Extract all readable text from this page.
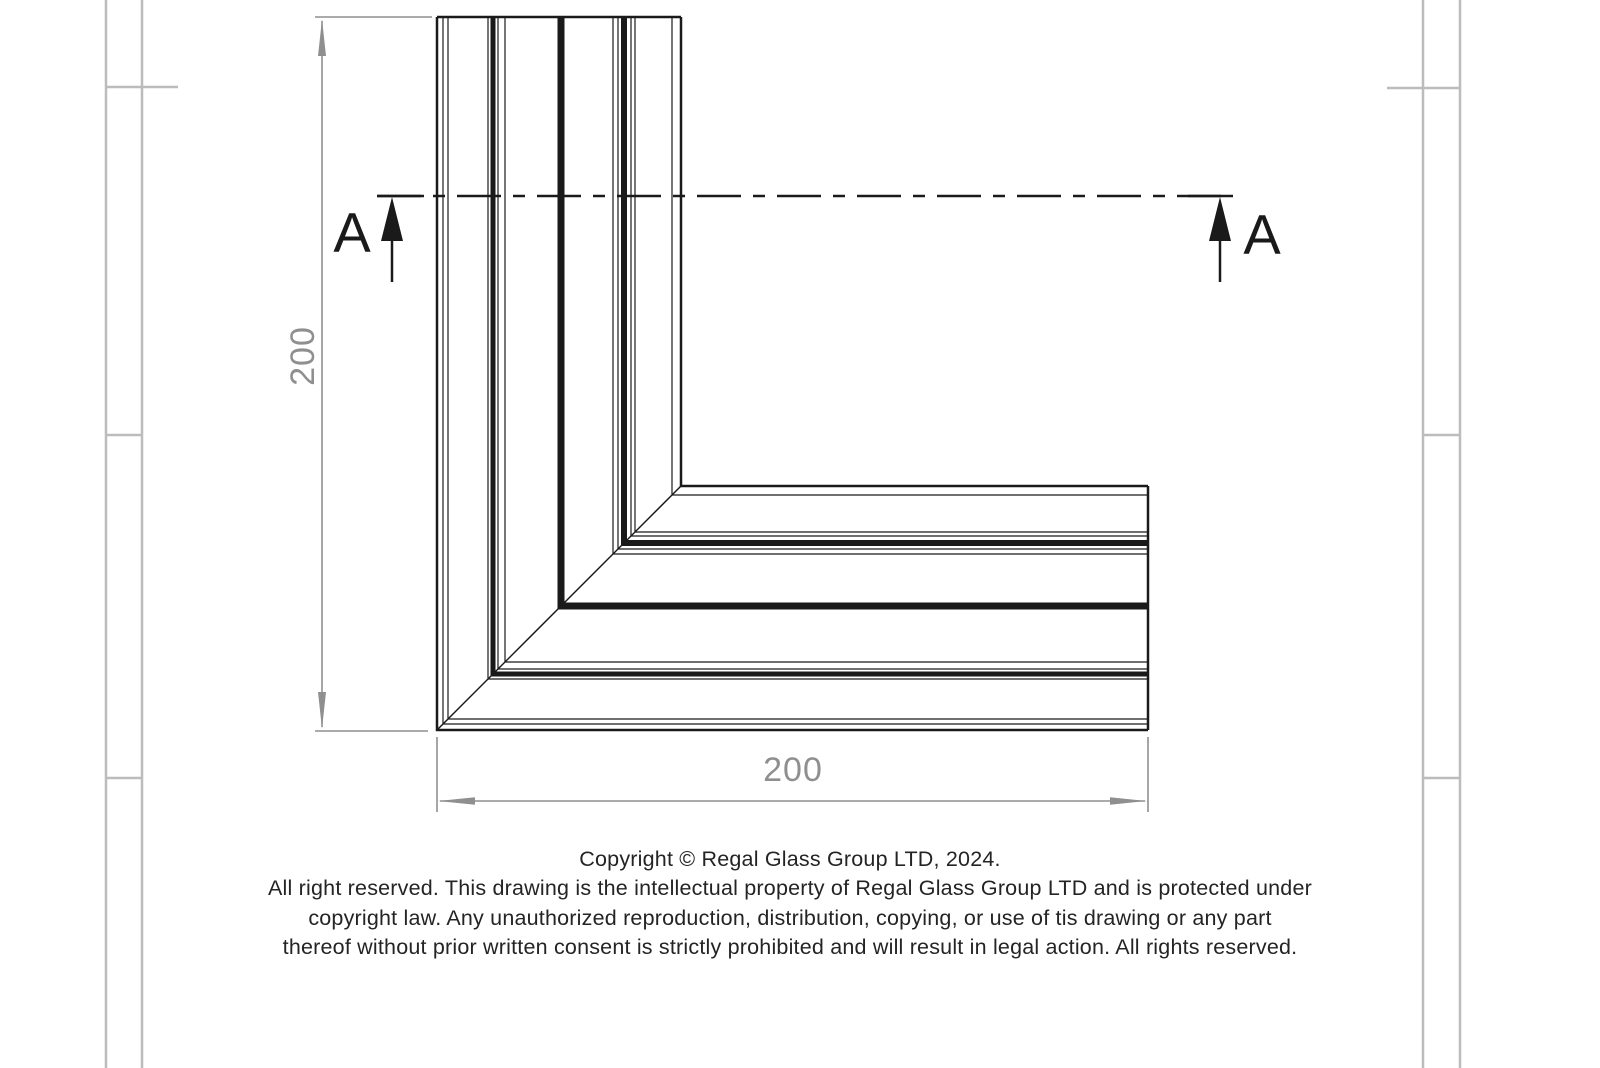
200
200
A	A
Copyright © Regal Glass Group LTD, 2024.
All right reserved. This drawing is the intellectual property of Regal Glass Group LTD and is protected under
copyright law. Any unauthorized reproduction, distribution, copying, or use of tis drawing or any part
thereof without prior written consent is strictly prohibited and will result in legal action. All rights reserved.
